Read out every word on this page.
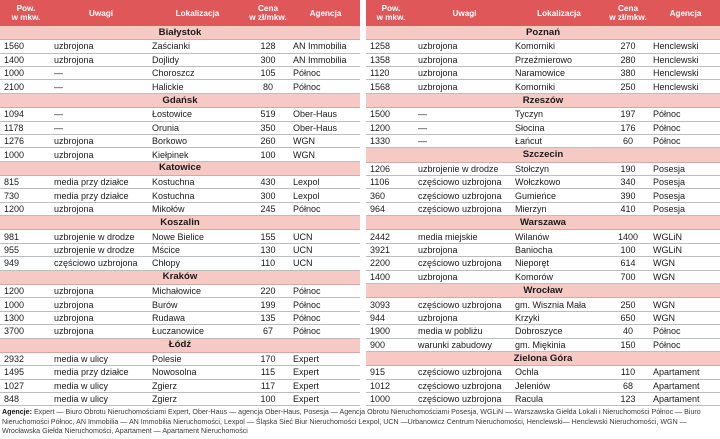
Pow.
w mkw.	Uwagi	Lokalizacja	Cena
w zł/mkw.	Agencja
Białystok				
1560	uzbrojona	Zaścianki	128	AN Immobilia
1400	uzbrojona	Dojlidy	300	AN Immobilia
1000	—	Choroszcz	105	Północ
2100	—	Halickie	80	Północ
Gdańsk				
1094	—	Łostowice	519	Ober-Haus
1178	—	Orunia	350	Ober-Haus
1276	uzbrojona	Borkowo	260	WGN
1000	uzbrojona	Kiełpinek	100	WGN
Katowice				
815	media przy działce	Kostuchna	430	Lexpol
730	media przy działce	Kostuchna	300	Lexpol
1200	uzbrojona	Mikołów	245	Północ
Koszalin				
981	uzbrojenie w drodze	Nowe Bielice	155	UCN
955	uzbrojenie w drodze	Mścice	130	UCN
949	częściowo uzbrojona	Chłopy	110	UCN
Kraków				
1200	uzbrojona	Michałowice	220	Północ
1000	uzbrojona	Burów	199	Północ
1300	uzbrojona	Rudawa	135	Północ
3700	uzbrojona	Łuczanowice	67	Północ
Łódź				
2932	media w ulicy	Polesie	170	Expert
1495	media przy działce	Nowosolna	115	Expert
1027	media w ulicy	Zgierz	117	Expert
848	media w ulicy	Zgierz	100	Expert
Pow.
w mkw.	Uwagi	Lokalizacja	Cena
w zł/mkw.	Agencja
Poznań				
1258	uzbrojona	Komorniki	270	Henclewski
1358	uzbrojona	Przeźmierowo	280	Henclewski
1120	uzbrojona	Naramowice	380	Henclewski
1568	uzbrojona	Komorniki	250	Henclewski
Rzeszów				
1500	—	Tyczyn	197	Północ
1200	—	Słocina	176	Północ
1330	—	Łańcut	60	Północ
Szczecin				
1206	uzbrojenie w drodze	Stołczyn	190	Posesja
1106	częściowo uzbrojona	Wołczkowo	340	Posesja
360	częściowo uzbrojona	Gumieńce	390	Posesja
964	częściowo uzbrojona	Mierzyn	410	Posesja
Warszawa				
2442	media miejskie	Wilanów	1400	WGLiN
3921	uzbrojona	Baniocha	100	WGLiN
2200	częściowo uzbrojona	Nieporęt	614	WGN
1400	uzbrojona	Komorów	700	WGN
Wrocław				
3093	częściowo uzbrojona	gm. Wisznia Mała	250	WGN
944	uzbrojona	Krzyki	650	WGN
1900	media w pobliżu	Dobroszyce	40	Północ
900	warunki zabudowy	gm. Miękinia	150	Północ
Zielona Góra				
915	częściowo uzbrojona	Ochla	110	Apartament
1012	częściowo uzbrojona	Jeleniów	68	Apartament
1000	częściowo uzbrojona	Racula	123	Apartament
Agencje: Expert — Biuro Obrotu Nieruchomościami Expert, Ober-Haus — agencja Ober-Haus, Posesja — Agencja Obrotu Nieruchomościami Posesja, WGLiN — Warszawska Giełda Lokali i Nieruchomości Północ — Biuro Nieruchomości Północ, AN Immobilia — AN Immobilia Nieruchomości, Lexpol — Śląska Sieć Biur Nieruchomości Lexpol, UCN —Urbanowicz Centrum Nieruchomości, Henclewski— Henclewski Nieruchomości, WGN — Wrocławska Giełda Nieruchomości, Apartament — Apartament Nieruchomości
